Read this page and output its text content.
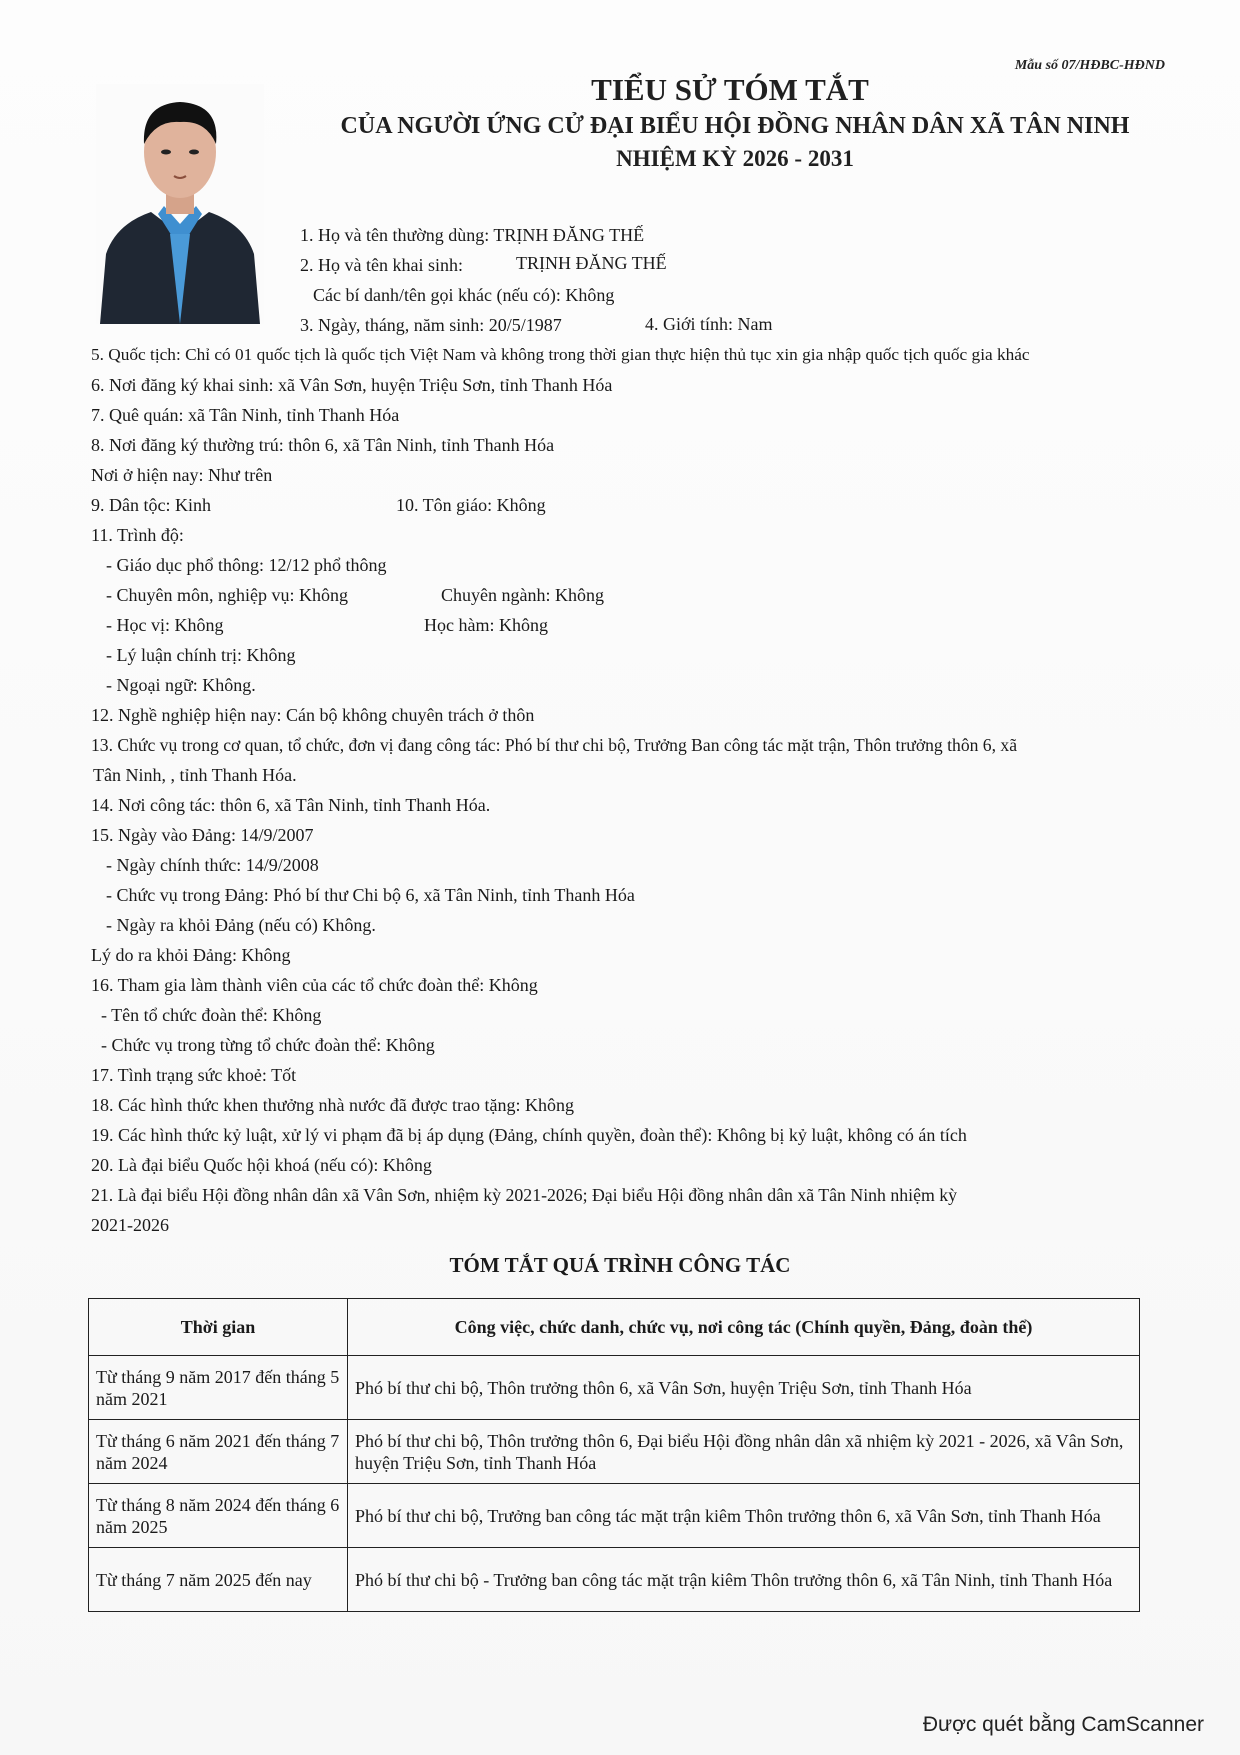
Mẫu số 07/HĐBC-HĐND
TIỂU SỬ TÓM TẮT
CỦA NGƯỜI ỨNG CỬ ĐẠI BIỂU HỘI ĐỒNG NHÂN DÂN XÃ TÂN NINH
NHIỆM KỲ 2026 - 2031
1. Họ và tên thường dùng: TRỊNH ĐĂNG THẾ
2. Họ và tên khai sinh:	TRỊNH ĐĂNG THẾ
Các bí danh/tên gọi khác (nếu có): Không
3. Ngày, tháng, năm sinh: 20/5/1987	4. Giới tính: Nam
5. Quốc tịch: Chỉ có 01 quốc tịch là quốc tịch Việt Nam và không trong thời gian thực hiện thủ tục xin gia nhập quốc tịch quốc gia khác
6. Nơi đăng ký khai sinh: xã Vân Sơn, huyện Triệu Sơn, tỉnh Thanh Hóa
7. Quê quán: xã Tân Ninh, tỉnh Thanh Hóa
8. Nơi đăng ký thường trú: thôn 6, xã Tân Ninh, tỉnh Thanh Hóa
Nơi ở hiện nay: Như trên
9. Dân tộc: Kinh	10. Tôn giáo: Không
11. Trình độ:
- Giáo dục phổ thông: 12/12 phổ thông
- Chuyên môn, nghiệp vụ: Không	Chuyên ngành: Không
- Học vị: Không	Học hàm: Không
- Lý luận chính trị: Không
- Ngoại ngữ: Không.
12. Nghề nghiệp hiện nay: Cán bộ không chuyên trách ở thôn
13. Chức vụ trong cơ quan, tổ chức, đơn vị đang công tác: Phó bí thư chi bộ, Trưởng Ban công tác mặt trận, Thôn trưởng thôn 6, xã
Tân Ninh, , tỉnh Thanh Hóa.
14. Nơi công tác: thôn 6, xã Tân Ninh, tỉnh Thanh Hóa.
15. Ngày vào Đảng: 14/9/2007
- Ngày chính thức: 14/9/2008
- Chức vụ trong Đảng: Phó bí thư Chi bộ 6, xã Tân Ninh, tỉnh Thanh Hóa
- Ngày ra khỏi Đảng (nếu có) Không.
Lý do ra khỏi Đảng: Không
16. Tham gia làm thành viên của các tổ chức đoàn thể: Không
- Tên tổ chức đoàn thể: Không
- Chức vụ trong từng tổ chức đoàn thể: Không
17. Tình trạng sức khoẻ: Tốt
18. Các hình thức khen thưởng nhà nước đã được trao tặng: Không
19. Các hình thức kỷ luật, xử lý vi phạm đã bị áp dụng (Đảng, chính quyền, đoàn thể): Không bị kỷ luật, không có án tích
20. Là đại biểu Quốc hội khoá (nếu có): Không
21. Là đại biểu Hội đồng nhân dân xã Vân Sơn, nhiệm kỳ 2021-2026; Đại biểu Hội đồng nhân dân xã Tân Ninh nhiệm kỳ
2021-2026
TÓM TẮT QUÁ TRÌNH CÔNG TÁC
Thời gian	Công việc, chức danh, chức vụ, nơi công tác (Chính quyền, Đảng, đoàn thể)
Từ tháng 9 năm 2017 đến tháng 5 năm 2021	Phó bí thư chi bộ, Thôn trưởng thôn 6, xã Vân Sơn, huyện Triệu Sơn, tỉnh Thanh Hóa
Từ tháng 6 năm 2021 đến tháng 7 năm 2024	Phó bí thư chi bộ, Thôn trưởng thôn 6, Đại biểu Hội đồng nhân dân xã nhiệm kỳ 2021 - 2026, xã Vân Sơn, huyện Triệu Sơn, tỉnh Thanh Hóa
Từ tháng 8 năm 2024 đến tháng 6 năm 2025	Phó bí thư chi bộ, Trưởng ban công tác mặt trận kiêm Thôn trưởng thôn 6, xã Vân Sơn, tỉnh Thanh Hóa
Từ tháng 7 năm 2025 đến nay	Phó bí thư chi bộ - Trưởng ban công tác mặt trận kiêm Thôn trưởng thôn 6, xã Tân Ninh, tỉnh Thanh Hóa
Được quét bằng CamScanner
